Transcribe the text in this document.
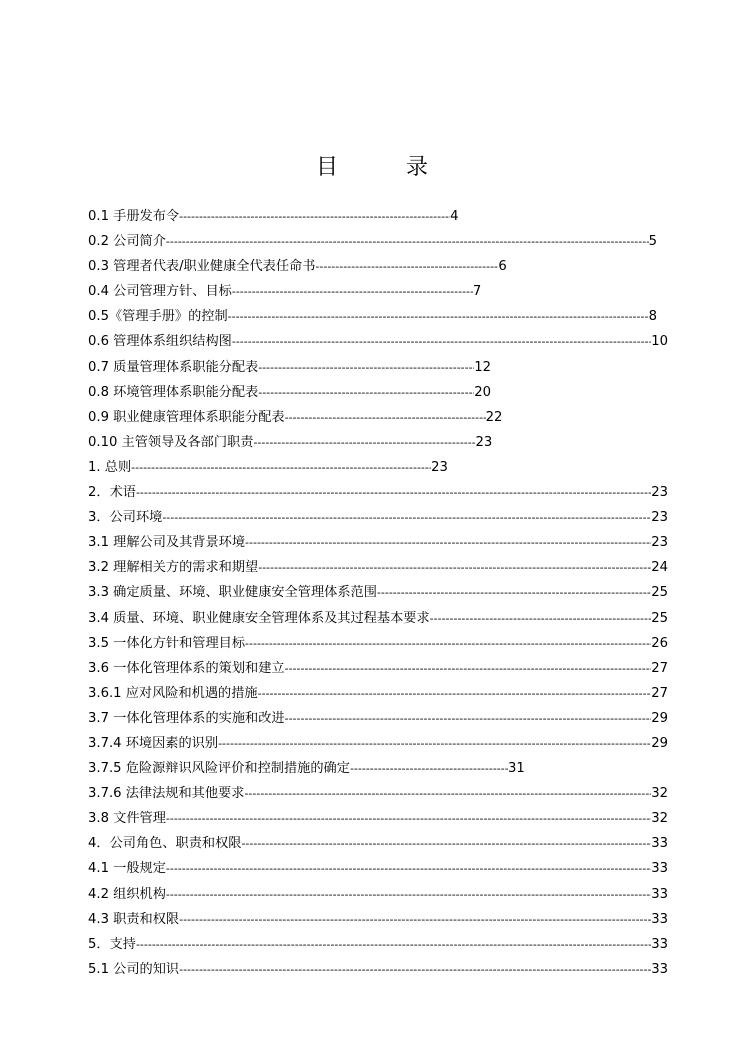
目	录
0.1 手册发布令 -----	4
0.2 公司简介 -----	5
0.3 管理者代表/职业健康全代表任命书 -----	6
0.4 公司管理方针、目标 -----	7
0.5《管理手册》的控制 -----	8
0.6 管理体系组织结构图 -----	10
0.7 质量管理体系职能分配表 -----	12
0.8 环境管理体系职能分配表 -----	20
0.9 职业健康管理体系职能分配表 -----	22
0.10 主管领导及各部门职责 -----	23
1. 总则 -----	23
2．术语 -----	23
3．公司环境 -----	23
3.1 理解公司及其背景环境 -----	23
3.2 理解相关方的需求和期望 -----	24
3.3 确定质量、环境、职业健康安全管理体系范围 -----	25
3.4 质量、环境、职业健康安全管理体系及其过程基本要求 -----	25
3.5 一体化方针和管理目标 -----	26
3.6 一体化管理体系的策划和建立 -----	27
3.6.1 应对风险和机遇的措施 -----	27
3.7 一体化管理体系的实施和改进 -----	29
3.7.4 环境因素的识别 -----	29
3.7.5 危险源辩识风险评价和控制措施的确定 -----	31
3.7.6 法律法规和其他要求 -----	32
3.8 文件管理 -----	32
4．公司角色、职责和权限 -----	33
4.1 一般规定 -----	33
4.2 组织机构 -----	33
4.3 职责和权限 -----	33
5．支持 -----	33
5.1 公司的知识 -----	33
